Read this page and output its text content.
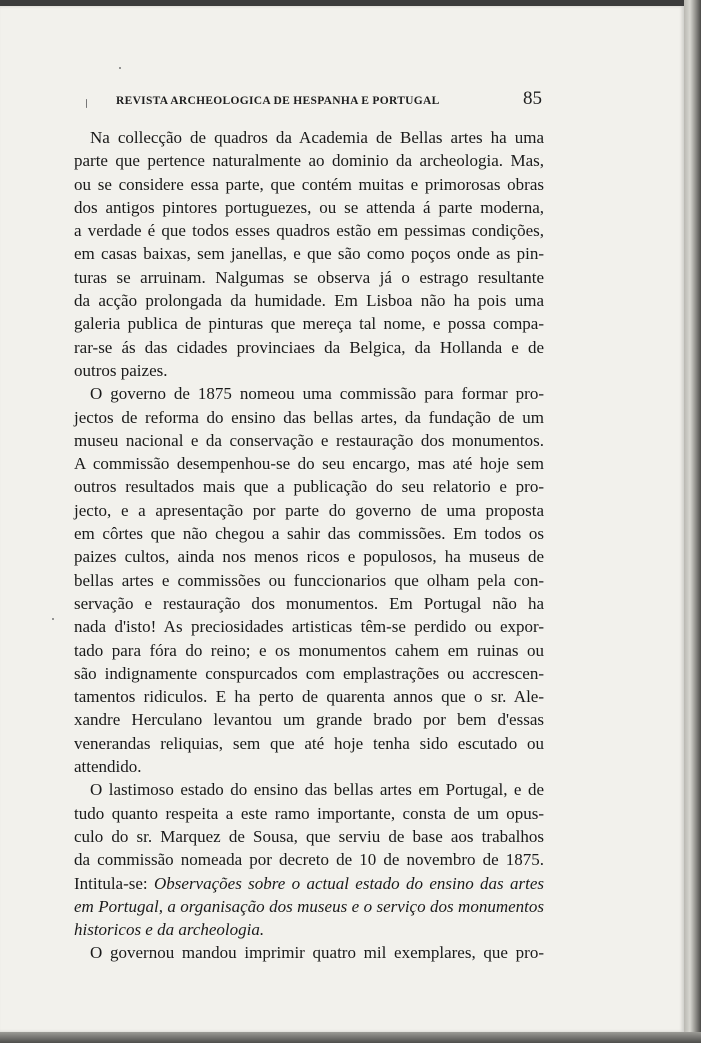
REVISTA ARCHEOLOGICA DE HESPANHA E PORTUGAL	85
Na collecção de quadros da Academia de Bellas artes ha uma
parte que pertence naturalmente ao dominio da archeologia. Mas,
ou se considere essa parte, que contém muitas e primorosas obras
dos antigos pintores portuguezes, ou se attenda á parte moderna,
a verdade é que todos esses quadros estão em pessimas condições,
em casas baixas, sem janellas, e que são como poços onde as pin-
turas se arruinam. Nalgumas se observa já o estrago resultante
da acção prolongada da humidade. Em Lisboa não ha pois uma
galeria publica de pinturas que mereça tal nome, e possa compa-
rar-se ás das cidades provinciaes da Belgica, da Hollanda e de
outros paizes.
O governo de 1875 nomeou uma commissão para formar pro-
jectos de reforma do ensino das bellas artes, da fundação de um
museu nacional e da conservação e restauração dos monumentos.
A commissão desempenhou-se do seu encargo, mas até hoje sem
outros resultados mais que a publicação do seu relatorio e pro-
jecto, e a apresentação por parte do governo de uma proposta
em côrtes que não chegou a sahir das commissões. Em todos os
paizes cultos, ainda nos menos ricos e populosos, ha museus de
bellas artes e commissões ou funccionarios que olham pela con-
servação e restauração dos monumentos. Em Portugal não ha
nada d'isto! As preciosidades artisticas têm-se perdido ou expor-
tado para fóra do reino; e os monumentos cahem em ruinas ou
são indignamente conspurcados com emplastrações ou accrescen-
tamentos ridiculos. E ha perto de quarenta annos que o sr. Ale-
xandre Herculano levantou um grande brado por bem d'essas
venerandas reliquias, sem que até hoje tenha sido escutado ou
attendido.
O lastimoso estado do ensino das bellas artes em Portugal, e de
tudo quanto respeita a este ramo importante, consta de um opus-
culo do sr. Marquez de Sousa, que serviu de base aos trabalhos
da commissão nomeada por decreto de 10 de novembro de 1875.
Intitula-se: Observações sobre o actual estado do ensino das artes
em Portugal, a organisação dos museus e o serviço dos monumentos
historicos e da archeologia.
O governou mandou imprimir quatro mil exemplares, que pro-
